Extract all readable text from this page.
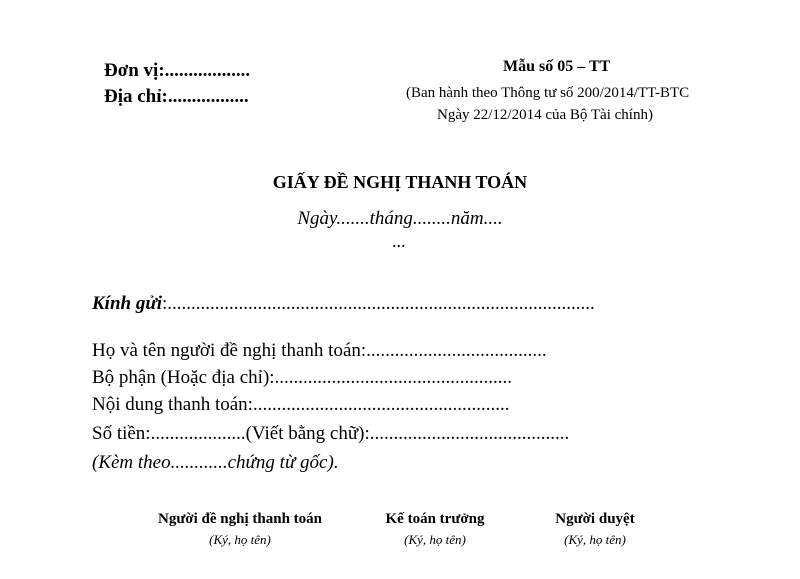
Đơn vị:..................
Địa chỉ:.................
Mẫu số 05 – TT
(Ban hành theo Thông tư số 200/2014/TT-BTC
Ngày 22/12/2014 của Bộ Tài chính)
GIẤY ĐỀ NGHỊ THANH TOÁN
Ngày.......tháng........năm....
...
Kính gửi:..........................................................................................
Họ và tên người đề nghị thanh toán:......................................
Bộ phận (Hoặc địa chỉ):..................................................
Nội dung thanh toán:......................................................
Số tiền:....................(Viết bằng chữ):..........................................
(Kèm theo............chứng từ gốc).
Người đề nghị thanh toán
(Ký, họ tên)
Kế toán trưởng
(Ký, họ tên)
Người duyệt
(Ký, họ tên)
